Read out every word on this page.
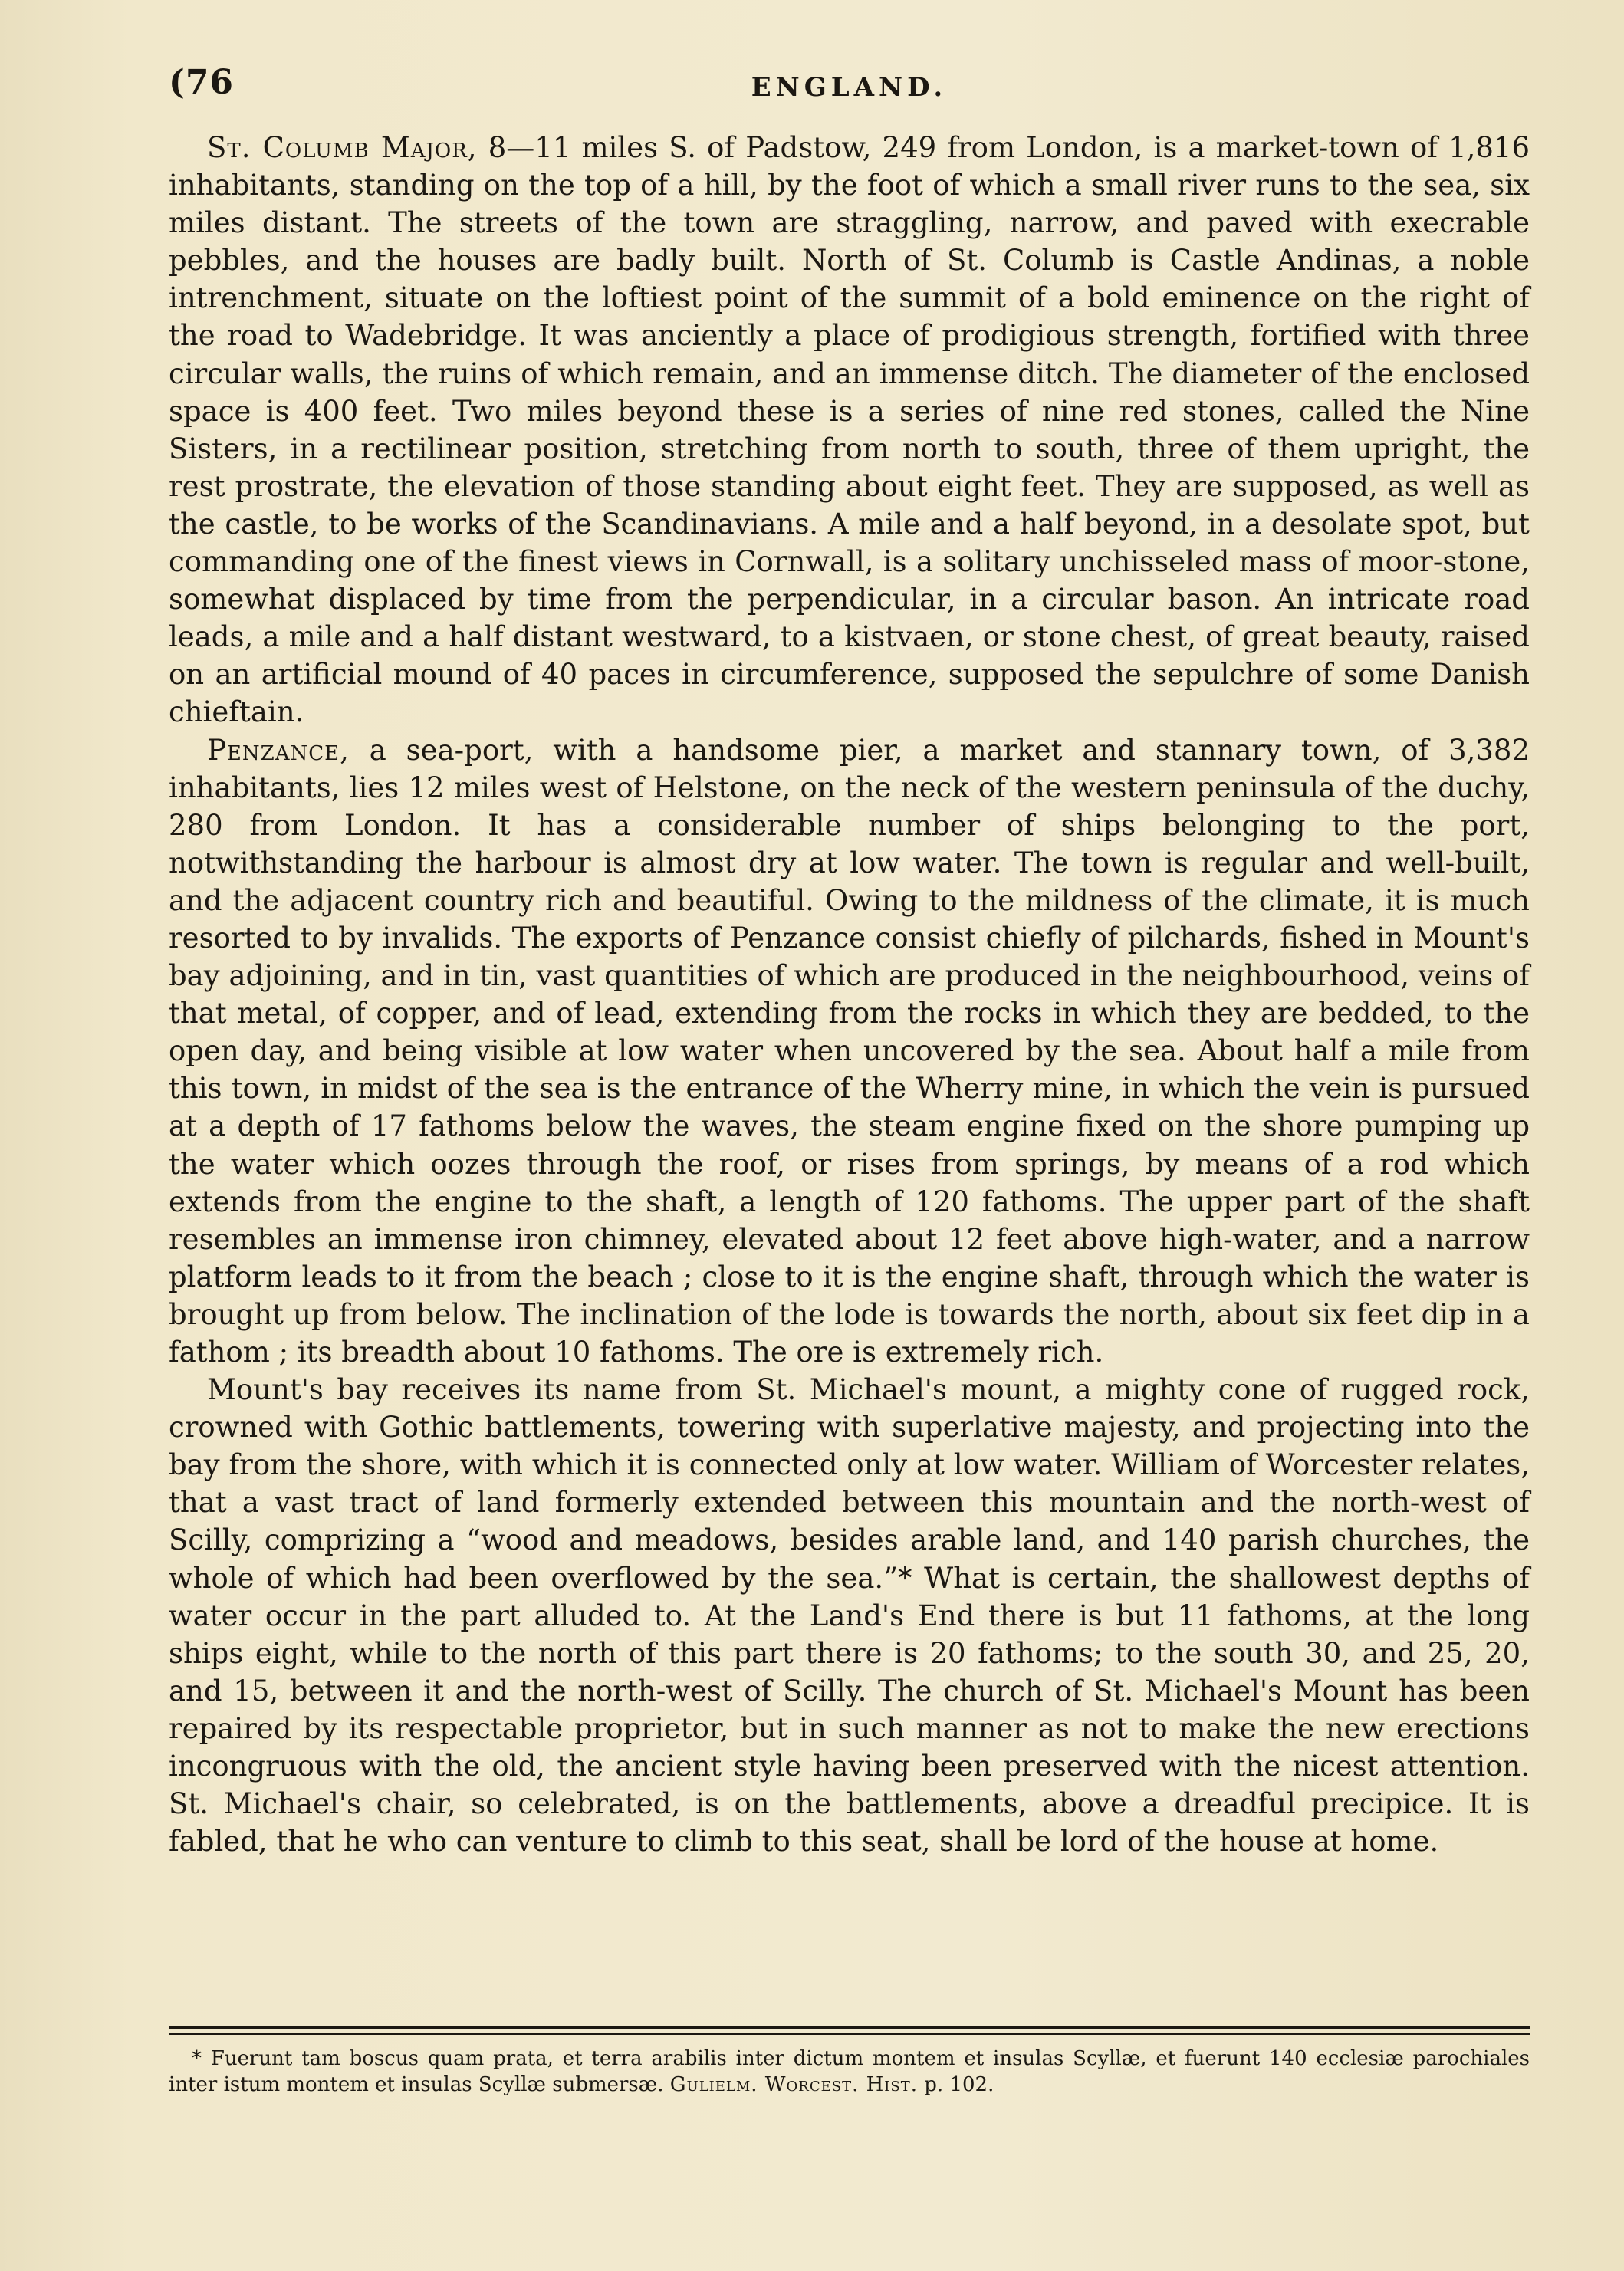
(76	ENGLAND.

St. Columb Major, 8—11 miles S. of Padstow, 249 from London, is a market-town of 1,816 inhabitants, standing on the top of a hill, by the foot of which a small river runs to the sea, six miles distant. The streets of the town are straggling, narrow, and paved with execrable pebbles, and the houses are badly built. North of St. Columb is Castle Andinas, a noble intrenchment, situate on the loftiest point of the summit of a bold eminence on the right of the road to Wadebridge. It was anciently a place of prodigious strength, fortified with three circular walls, the ruins of which remain, and an immense ditch. The diameter of the enclosed space is 400 feet. Two miles beyond these is a series of nine red stones, called the Nine Sisters, in a rectilinear position, stretching from north to south, three of them upright, the rest prostrate, the elevation of those standing about eight feet. They are supposed, as well as the castle, to be works of the Scandinavians. A mile and a half beyond, in a desolate spot, but commanding one of the finest views in Cornwall, is a solitary unchisseled mass of moor-stone, somewhat displaced by time from the perpendicular, in a circular bason. An intricate road leads, a mile and a half distant westward, to a kistvaen, or stone chest, of great beauty, raised on an artificial mound of 40 paces in circumference, supposed the sepulchre of some Danish chieftain.

Penzance, a sea-port, with a handsome pier, a market and stannary town, of 3,382 inhabitants, lies 12 miles west of Helstone, on the neck of the western peninsula of the duchy, 280 from London. It has a considerable number of ships belonging to the port, notwithstanding the harbour is almost dry at low water. The town is regular and well-built, and the adjacent country rich and beautiful. Owing to the mildness of the climate, it is much resorted to by invalids. The exports of Penzance consist chiefly of pilchards, fished in Mount's bay adjoining, and in tin, vast quantities of which are produced in the neighbourhood, veins of that metal, of copper, and of lead, extending from the rocks in which they are bedded, to the open day, and being visible at low water when uncovered by the sea. About half a mile from this town, in midst of the sea is the entrance of the Wherry mine, in which the vein is pursued at a depth of 17 fathoms below the waves, the steam engine fixed on the shore pumping up the water which oozes through the roof, or rises from springs, by means of a rod which extends from the engine to the shaft, a length of 120 fathoms. The upper part of the shaft resembles an immense iron chimney, elevated about 12 feet above high-water, and a narrow platform leads to it from the beach ; close to it is the engine shaft, through which the water is brought up from below. The inclination of the lode is towards the north, about six feet dip in a fathom ; its breadth about 10 fathoms. The ore is extremely rich.

Mount's bay receives its name from St. Michael's mount, a mighty cone of rugged rock, crowned with Gothic battlements, towering with superlative majesty, and projecting into the bay from the shore, with which it is connected only at low water. William of Worcester relates, that a vast tract of land formerly extended between this mountain and the north-west of Scilly, comprizing a “wood and meadows, besides arable land, and 140 parish churches, the whole of which had been overflowed by the sea.”* What is certain, the shallowest depths of water occur in the part alluded to. At the Land's End there is but 11 fathoms, at the long ships eight, while to the north of this part there is 20 fathoms; to the south 30, and 25, 20, and 15, between it and the north-west of Scilly. The church of St. Michael's Mount has been repaired by its respectable proprietor, but in such manner as not to make the new erections incongruous with the old, the ancient style having been preserved with the nicest attention. St. Michael's chair, so celebrated, is on the battlements, above a dreadful precipice. It is fabled, that he who can venture to climb to this seat, shall be lord of the house at home.

* Fuerunt tam boscus quam prata, et terra arabilis inter dictum montem et insulas Scyllæ, et fuerunt 140 ecclesiæ parochiales inter istum montem et insulas Scyllæ submersæ. Gulielm. Worcest. Hist. p. 102.
